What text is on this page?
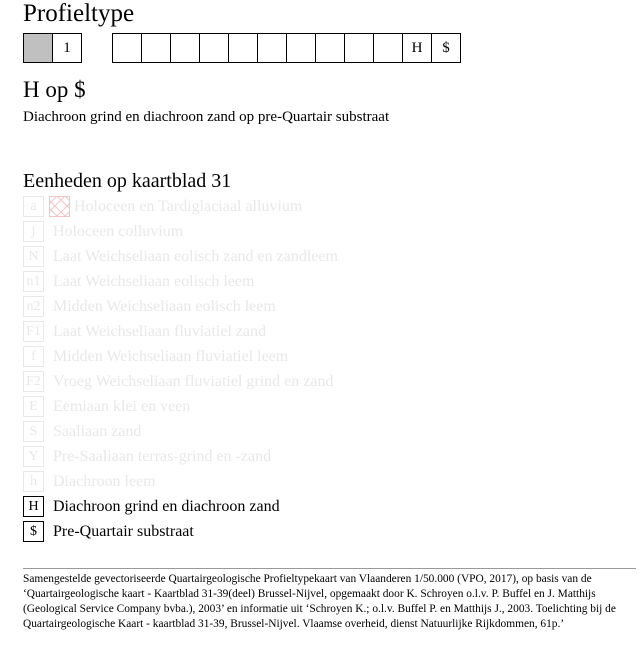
Profieltype
1	H	$
H op $
Diachroon grind en diachroon zand op pre-Quartair substraat
Eenheden op kaartblad 31
a	Holoceen en Tardiglaciaal alluvium
j	Holoceen colluvium
N Laat Weichseliaan eolisch zand en zandleem
n1 Laat Weichseliaan eolisch leem
n2 Midden Weichseliaan eolisch leem
F1 Laat Weichseliaan fluviatiel zand
f	Midden Weichseliaan fluviatiel leem
F2 Vroeg Weichseliaan fluviatiel grind en zand
E Eemiaan klei en veen
S Saaliaan zand
Y Pre-Saaliaan terras-grind en -zand
h	Diachroon leem
H Diachroon grind en diachroon zand
$	Pre-Quartair substraat
Samengestelde gevectoriseerde Quartairgeologische Profieltypekaart van Vlaanderen 1/50.000 (VPO, 2017), op basis van de ‘Quartairgeologische kaart - Kaartblad 31-39(deel) Brussel-Nijvel, opgemaakt door K. Schroyen o.l.v. P. Buffel en J. Matthijs (Geological Service Company bvba.), 2003’ en informatie uit ‘Schroyen K.; o.l.v. Buffel P. en Matthijs J., 2003. Toelichting bij de Quartairgeologische Kaart - kaartblad 31-39, Brussel-Nijvel. Vlaamse overheid, dienst Natuurlijke Rijkdommen, 61p.’
